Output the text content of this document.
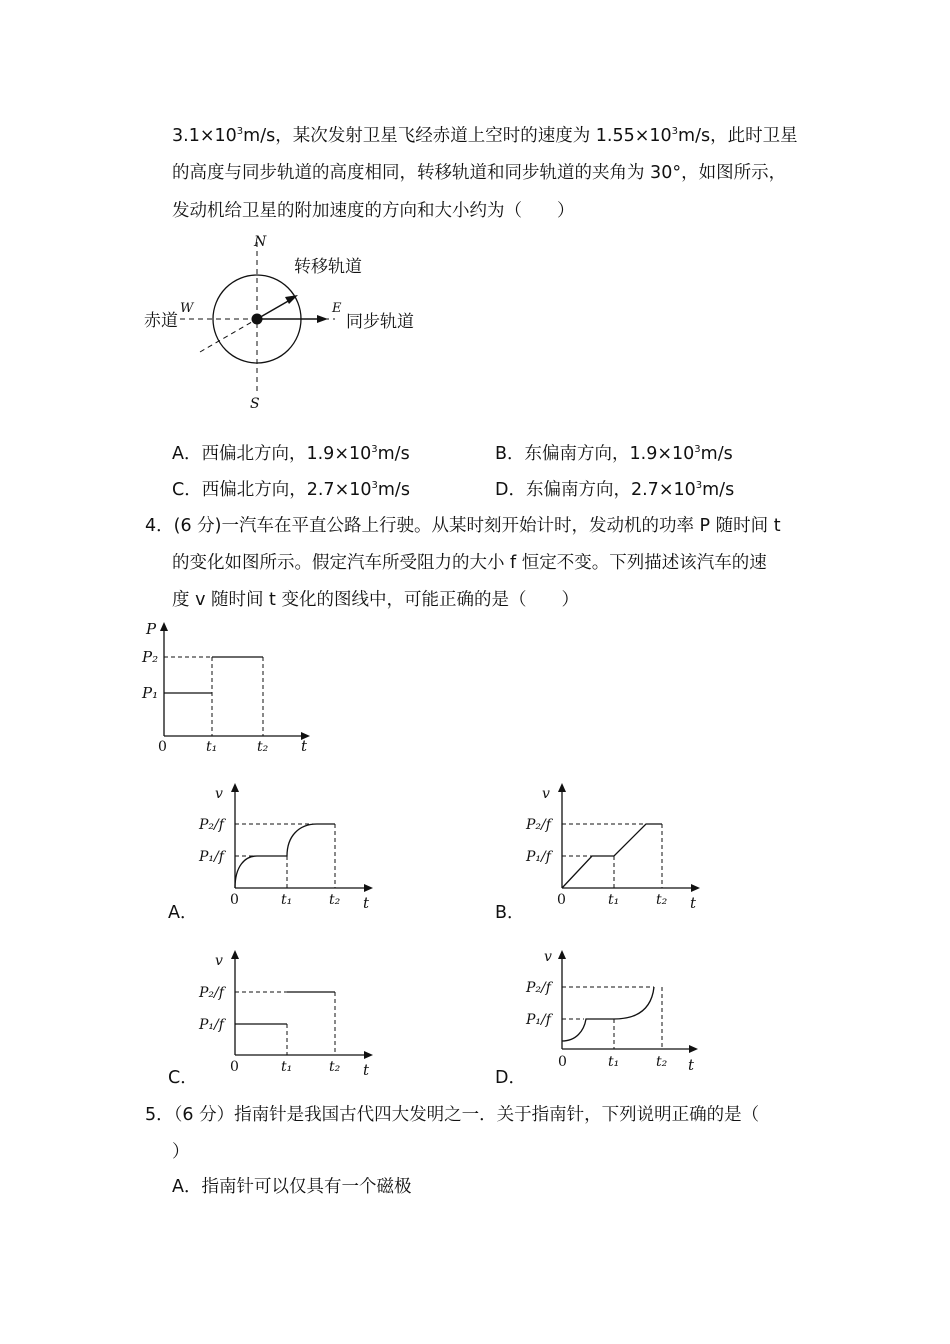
$3.1\times 10^3m/s$，某次发射卫星飞经赤道上空时的速度为 $1.55\times 10^3m/s$，此时卫星
的高度与同步轨道的高度相同，转移轨道和同步轨道的夹角为 30°，如图所示，
发动机给卫星的附加速度的方向和大小约为（　　）
N
S
W	E
转移轨道
赤道	同步轨道
A．西偏北方向，$1.9\times 10^3m/s$	B．东偏南方向，$1.9\times 10^3m/s$
C．西偏北方向，$2.7\times 10^3m/s$	D．东偏南方向，$2.7\times 10^3m/s$
4．(6 分)一汽车在平直公路上行驶。从某时刻开始计时，发动机的功率 P 随时间 t
的变化如图所示。假定汽车所受阻力的大小 f 恒定不变。下列描述该汽车的速
度 v 随时间 t 变化的图线中，可能正确的是（　　）
P
P₂
P₁
0	t₁	t₂ t
v
P₂/f
P₁/f
0	t₁	t₂ t
A．
v
P₂/f
P₁/f
0	t₁	t₂ t
B．
v
P₂/f
P₁/f
0	t₁	t₂ t
C．
v
P₂/f
P₁/f
0	t₁	t₂ t
D．
5．（6 分）指南针是我国古代四大发明之一．关于指南针，下列说明正确的是（
）
A．指南针可以仅具有一个磁极
